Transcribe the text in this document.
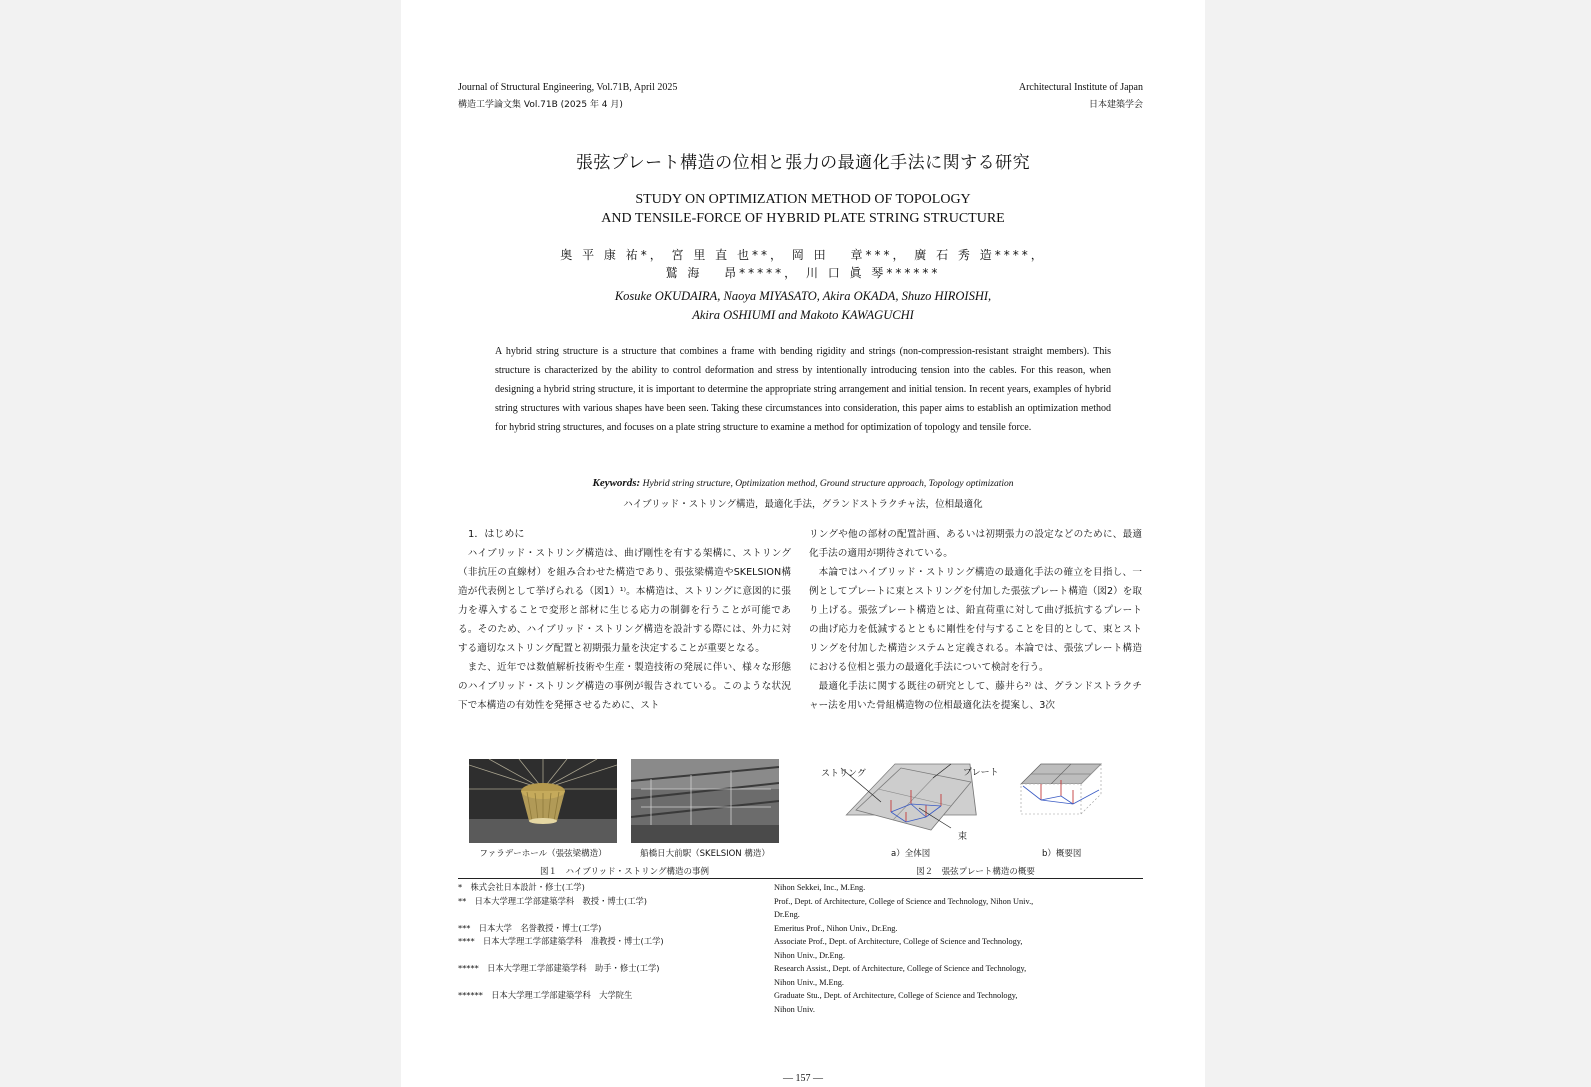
Journal of Structural Engineering, Vol.71B, April 2025
構造工学論文集 Vol.71B (2025 年 4 月)
Architectural Institute of Japan
日本建築学会
張弦プレート構造の位相と張力の最適化手法に関する研究
STUDY ON OPTIMIZATION METHOD OF TOPOLOGY
AND TENSILE-FORCE OF HYBRID PLATE STRING STRUCTURE
奥 平 康 祐*， 宮 里 直 也**， 岡 田　 章***， 廣 石 秀 造****，
鷲 海　 昂*****， 川 口 眞 琴******
Kosuke OKUDAIRA, Naoya MIYASATO, Akira OKADA, Shuzo HIROISHI,
Akira OSHIUMI and Makoto KAWAGUCHI
A hybrid string structure is a structure that combines a frame with bending rigidity and strings (non-compression-resistant straight members). This structure is characterized by the ability to control deformation and stress by intentionally introducing tension into the cables. For this reason, when designing a hybrid string structure, it is important to determine the appropriate string arrangement and initial tension. In recent years, examples of hybrid string structures with various shapes have been seen. Taking these circumstances into consideration, this paper aims to establish an optimization method for hybrid string structures, and focuses on a plate string structure to examine a method for optimization of topology and tensile force.
Keywords: Hybrid string structure, Optimization method, Ground structure approach, Topology optimization
ハイブリッド・ストリング構造，最適化手法，グランドストラクチャ法，位相最適化

1．はじめに

ハイブリッド・ストリング構造は、曲げ剛性を有する架構に、ストリング（非抗圧の直線材）を組み合わせた構造であり、張弦梁構造やSKELSION構造が代表例として挙げられる（図1）¹⁾。本構造は、ストリングに意図的に張力を導入することで変形と部材に生じる応力の制御を行うことが可能である。そのため、ハイブリッド・ストリング構造を設計する際には、外力に対する適切なストリング配置と初期張力量を決定することが重要となる。

また、近年では数値解析技術や生産・製造技術の発展に伴い、様々な形態のハイブリッド・ストリング構造の事例が報告されている。このような状況下で本構造の有効性を発揮させるために、スト

リングや他の部材の配置計画、あるいは初期張力の設定などのために、最適化手法の適用が期待されている。

本論ではハイブリッド・ストリング構造の最適化手法の確立を目指し、一例としてプレートに束とストリングを付加した張弦プレート構造（図2）を取り上げる。張弦プレート構造とは、鉛直荷重に対して曲げ抵抗するプレートの曲げ応力を低減するとともに剛性を付与することを目的として、束とストリングを付加した構造システムと定義される。本論では、張弦プレート構造における位相と張力の最適化手法について検討を行う。

最適化手法に関する既往の研究として、藤井ら²⁾ は、グランドストラクチャー法を用いた骨組構造物の位相最適化法を提案し、3次

ファラデーホール（張弦梁構造）	船橋日大前駅（SKELSION 構造）
図１　ハイブリッド・ストリング構造の事例
ストリング	プレート
束
a）全体図	b）概要図
図２　張弦プレート構造の概要
*　 株式会社日本設計・修士(工学)	Nihon Sekkei, Inc., M.Eng.
**　 日本大学理工学部建築学科　教授・博士(工学)	Prof., Dept. of Architecture, College of Science and Technology, Nihon Univ.,
Dr.Eng.
***　 日本大学　名誉教授・博士(工学)	Emeritus Prof., Nihon Univ., Dr.Eng.
****　 日本大学理工学部建築学科　准教授・博士(工学)	Associate Prof., Dept. of Architecture, College of Science and Technology,
Nihon Univ., Dr.Eng.
*****　 日本大学理工学部建築学科　助手・修士(工学)	Research Assist., Dept. of Architecture, College of Science and Technology,
Nihon Univ., M.Eng.
******　 日本大学理工学部建築学科　大学院生	Graduate Stu., Dept. of Architecture, College of Science and Technology,
Nihon Univ.
― 157 ―
